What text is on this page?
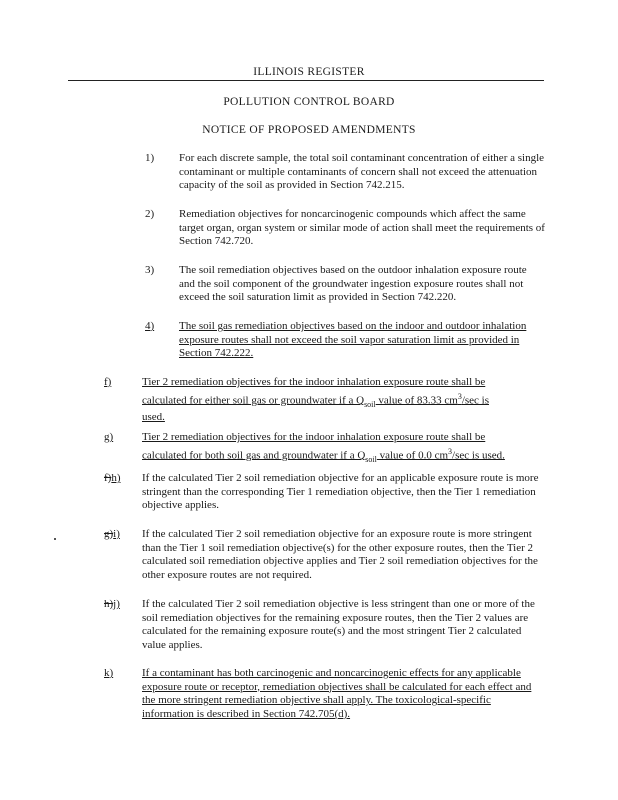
ILLINOIS REGISTER
POLLUTION CONTROL BOARD
NOTICE OF PROPOSED AMENDMENTS
1) For each discrete sample, the total soil contaminant concentration of either a single contaminant or multiple contaminants of concern shall not exceed the attenuation capacity of the soil as provided in Section 742.215.
2) Remediation objectives for noncarcinogenic compounds which affect the same target organ, organ system or similar mode of action shall meet the requirements of Section 742.720.
3) The soil remediation objectives based on the outdoor inhalation exposure route and the soil component of the groundwater ingestion exposure routes shall not exceed the soil saturation limit as provided in Section 742.220.
4) The soil gas remediation objectives based on the indoor and outdoor inhalation exposure routes shall not exceed the soil vapor saturation limit as provided in Section 742.222.
f)	Tier 2 remediation objectives for the indoor inhalation exposure route shall be
calculated for either soil gas or groundwater if a $Q_{soil}$ value of 83.33 $cm^3/\sec$ is
used.
g)	Tier 2 remediation objectives for the indoor inhalation exposure route shall be
calculated for both soil gas and groundwater if a $Q_{soil}$ value of 0.0 $cm^3/\sec$ is used.
f)h) If the calculated Tier 2 soil remediation objective for an applicable exposure route is more stringent than the corresponding Tier 1 remediation objective, then the Tier 1 remediation objective applies.
g)i) If the calculated Tier 2 soil remediation objective for an exposure route is more stringent than the Tier 1 soil remediation objective(s) for the other exposure routes, then the Tier 2 calculated soil remediation objective applies and Tier 2 soil remediation objectives for the other exposure routes are not required.
h)j) If the calculated Tier 2 soil remediation objective is less stringent than one or more of the soil remediation objectives for the remaining exposure routes, then the Tier 2 values are calculated for the remaining exposure route(s) and the most stringent Tier 2 calculated value applies.
k)	If a contaminant has both carcinogenic and noncarcinogenic effects for any applicable exposure route or receptor, remediation objectives shall be calculated for each effect and the more stringent remediation objective shall apply. The toxicological-specific information is described in Section 742.705(d).
